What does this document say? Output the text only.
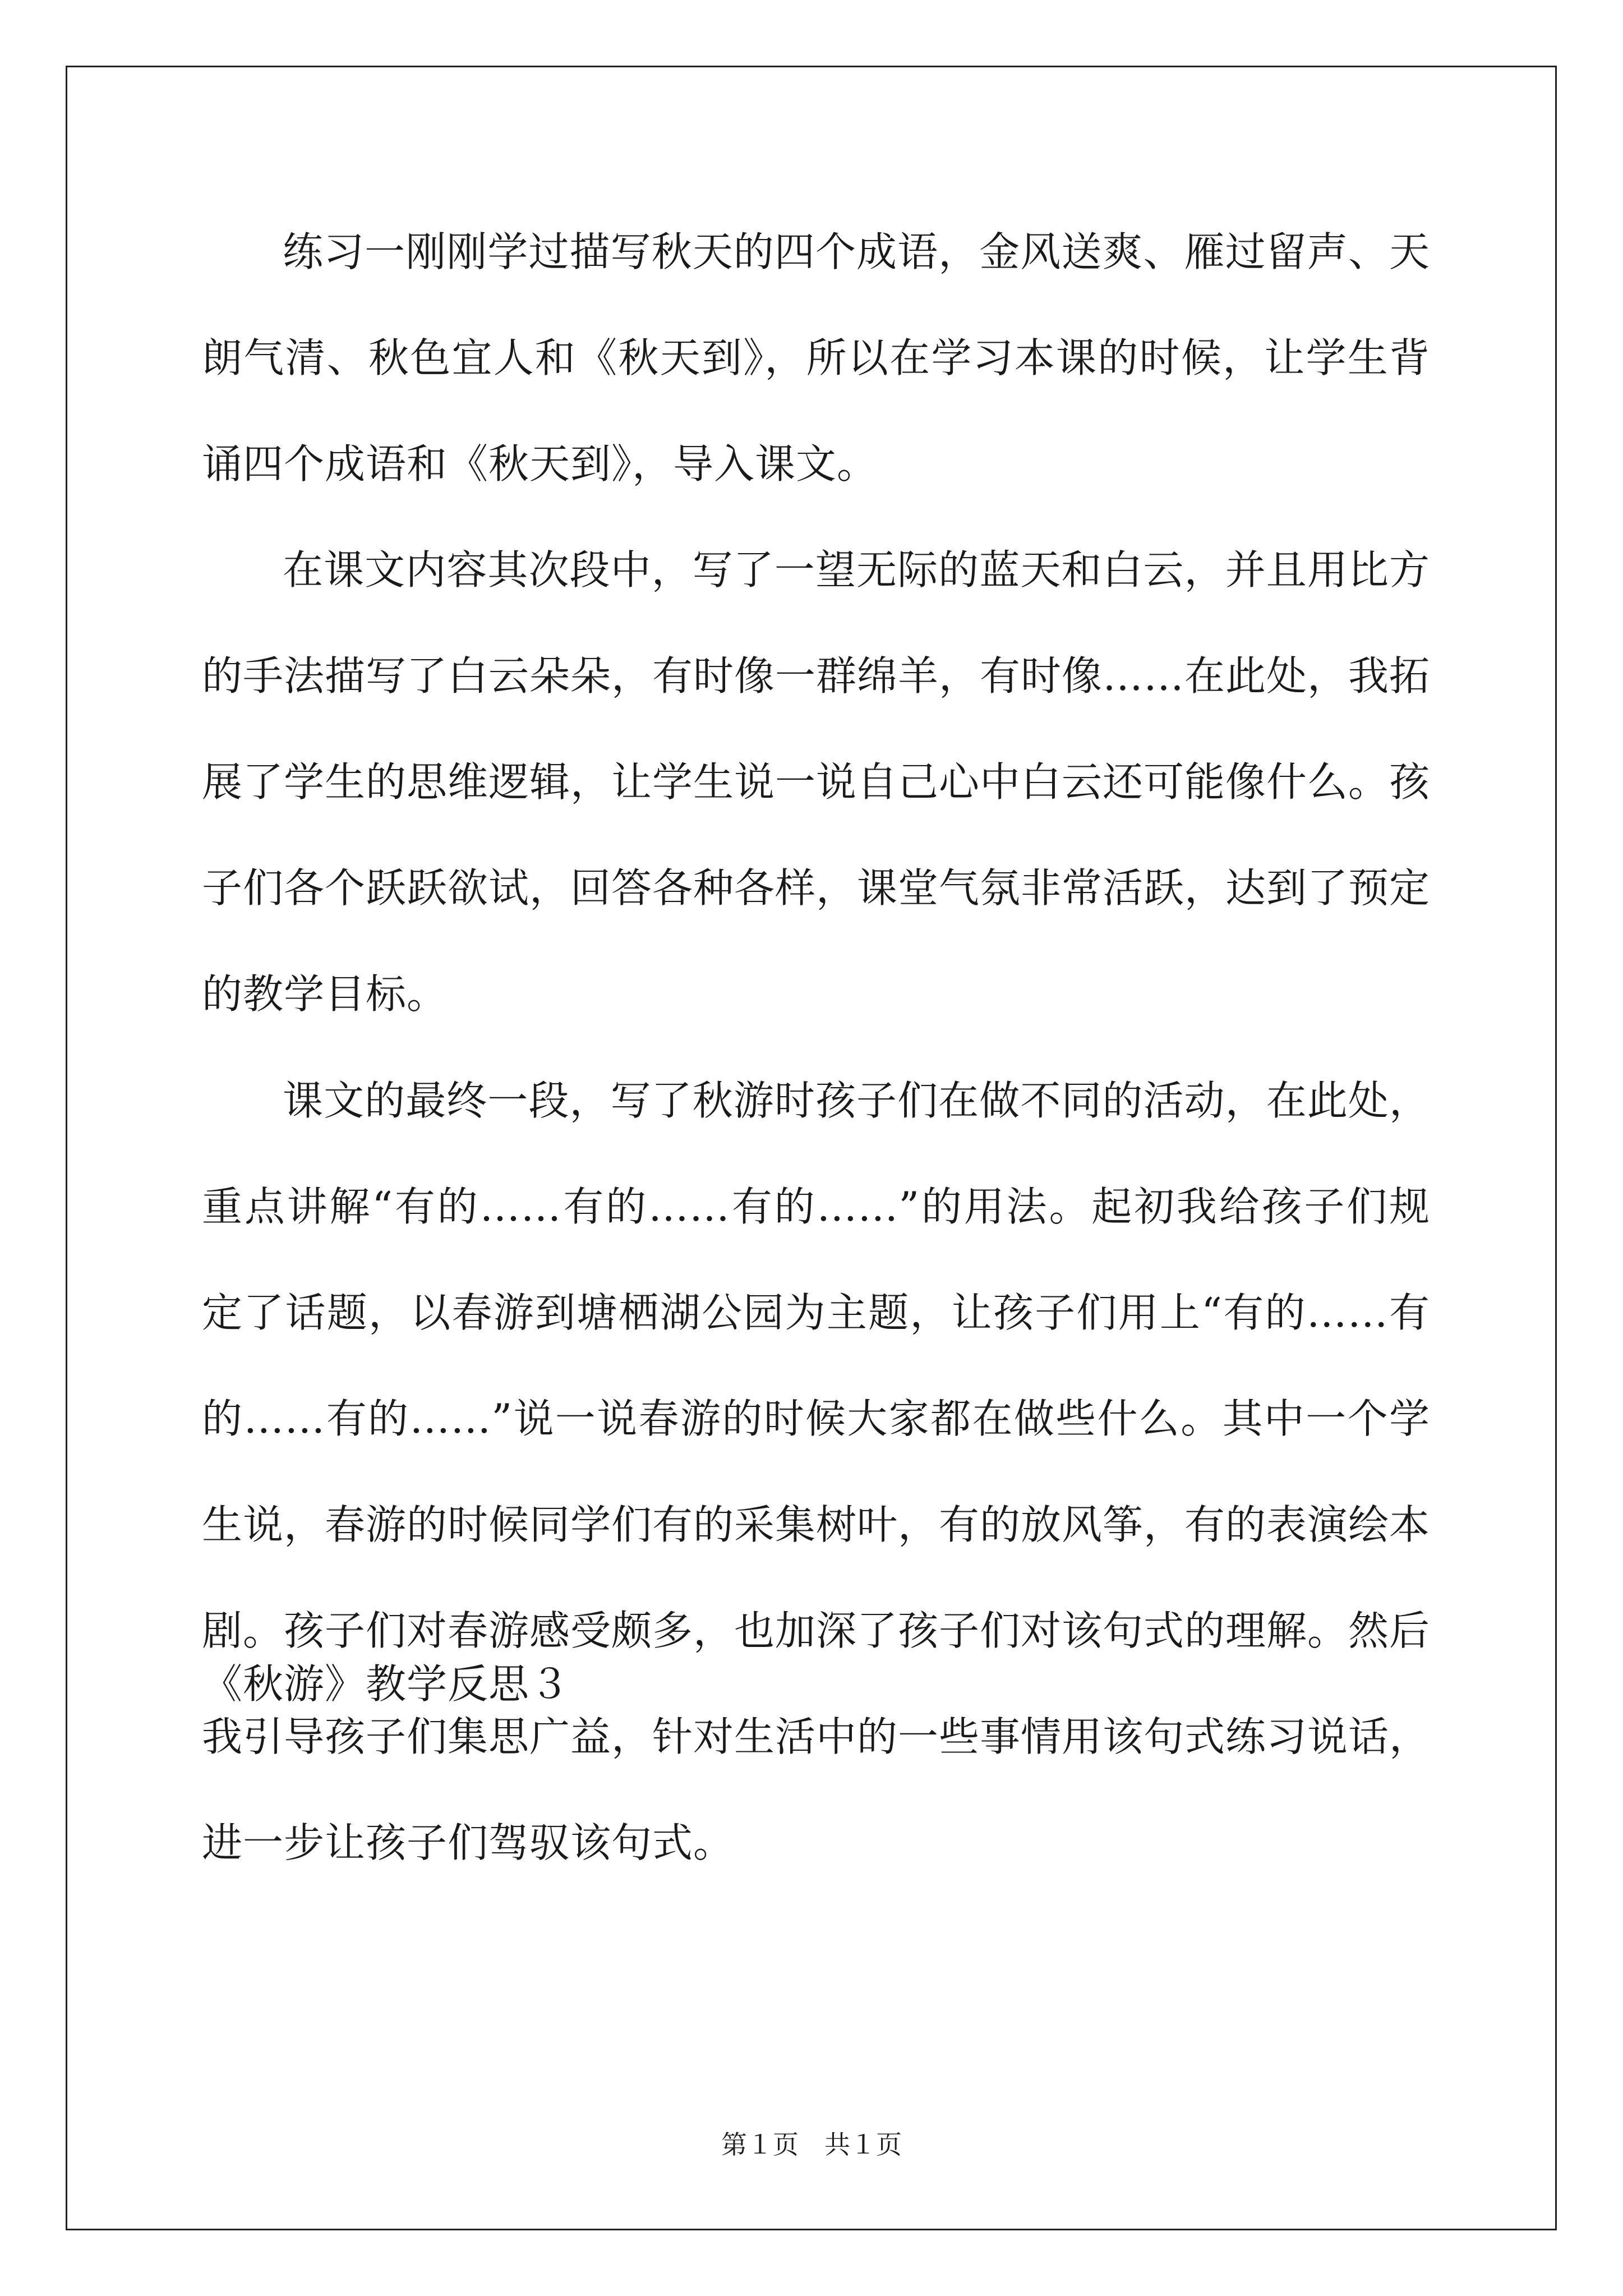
练习一刚刚学过描写秋天的四个成语，金风送爽、雁过留声、天朗气清、秋色宜人和《秋天到》，所以在学习本课的时候，让学生背诵四个成语和《秋天到》，导入课文。

在课文内容其次段中，写了一望无际的蓝天和白云，并且用比方的手法描写了白云朵朵，有时像一群绵羊，有时像……在此处，我拓展了学生的思维逻辑，让学生说一说自己心中白云还可能像什么。孩子们各个跃跃欲试，回答各种各样，课堂气氛非常活跃，达到了预定的教学目标。

课文的最终一段，写了秋游时孩子们在做不同的活动，在此处，重点讲解“有的……有的……有的……”的用法。起初我给孩子们规定了话题，以春游到塘栖湖公园为主题，让孩子们用上“有的……有的……有的……”说一说春游的时候大家都在做些什么。其中一个学生说，春游的时候同学们有的采集树叶，有的放风筝，有的表演绘本剧。孩子们对春游感受颇多，也加深了孩子们对该句式的理解。然后我引导孩子们集思广益，针对生活中的一些事情用该句式练习说话，进一步让孩子们驾驭该句式。

《秋游》教学反思３

第１页　共１页
